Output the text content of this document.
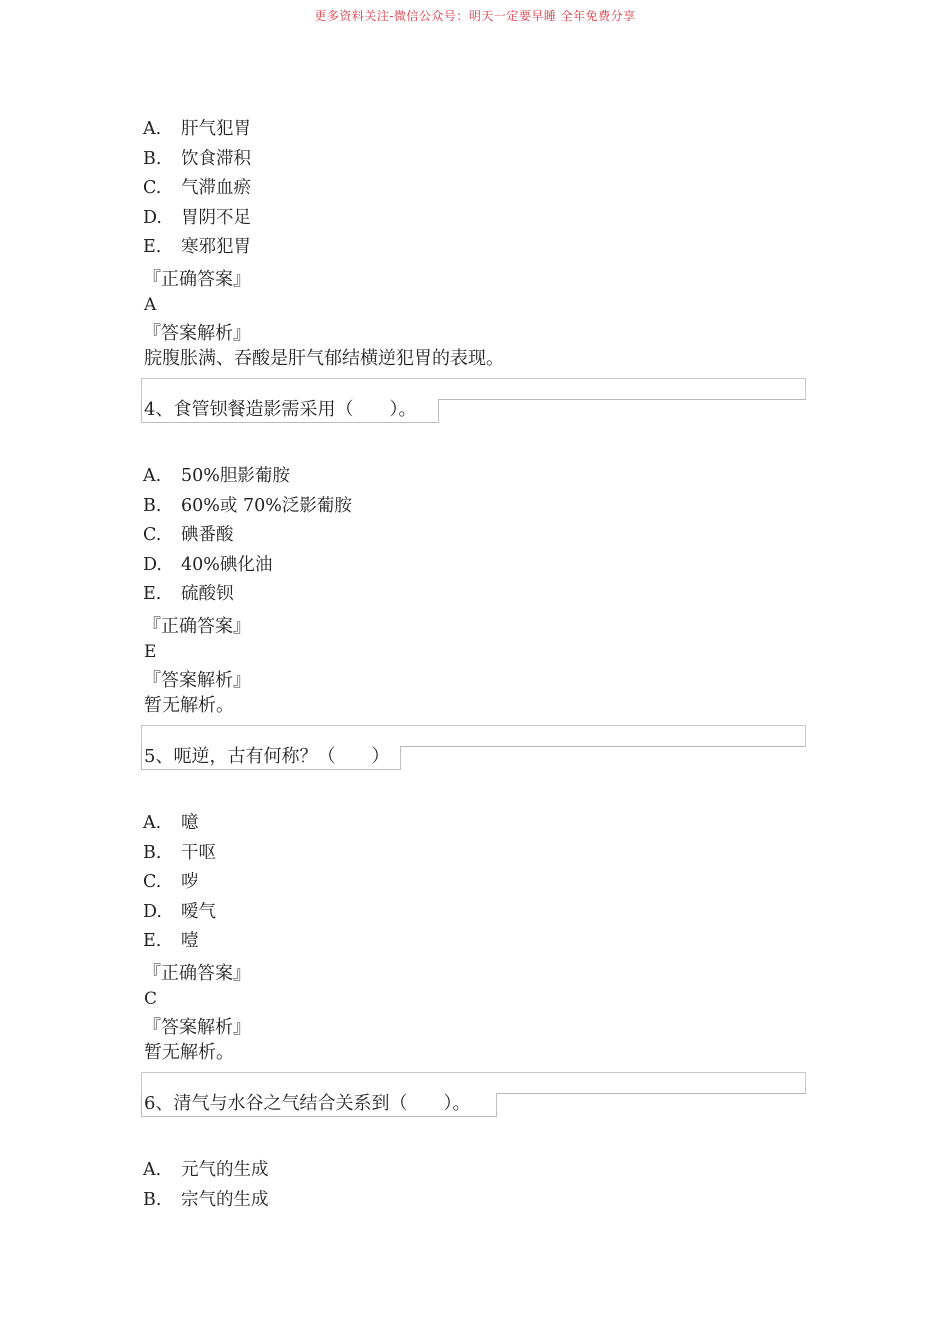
更多资料关注-微信公众号：明天一定要早睡 全年免费分享
A. 肝气犯胃
B. 饮食滞积
C. 气滞血瘀
D. 胃阴不足
E. 寒邪犯胃
『正确答案』
A
『答案解析』
脘腹胀满、吞酸是肝气郁结横逆犯胃的表现。
4、食管钡餐造影需采用（　　）。
A. 50%胆影葡胺
B. 60%或 70%泛影葡胺
C. 碘番酸
D. 40%碘化油
E. 硫酸钡
『正确答案』
E
『答案解析』
暂无解析。
5、呃逆，古有何称？（　　）
A. 噫
B. 干呕
C. 哕
D. 嗳气
E. 噎
『正确答案』
C
『答案解析』
暂无解析。
6、清气与水谷之气结合关系到（　　）。
A. 元气的生成
B. 宗气的生成
